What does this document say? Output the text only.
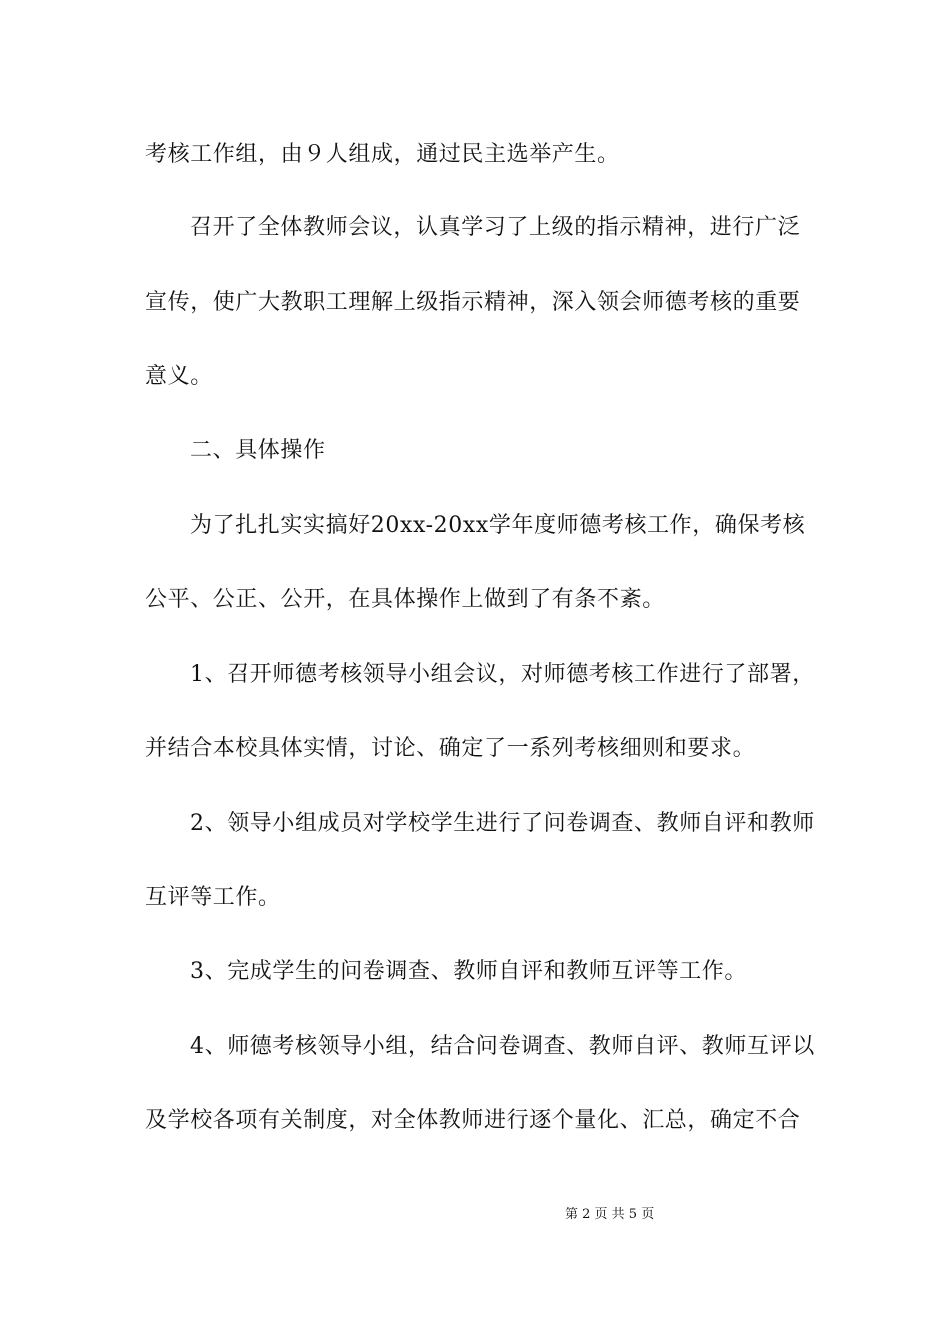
考核工作组，由９人组成，通过民主选举产生。
召开了全体教师会议，认真学习了上级的指示精神，进行广泛
宣传，使广大教职工理解上级指示精神，深入领会师德考核的重要
意义。
二、具体操作
为了扎扎实实搞好20xx-20xx学年度师德考核工作，确保考核
公平、公正、公开，在具体操作上做到了有条不紊。
1、召开师德考核领导小组会议，对师德考核工作进行了部署，
并结合本校具体实情，讨论、确定了一系列考核细则和要求。
2、领导小组成员对学校学生进行了问卷调查、教师自评和教师
互评等工作。
3、完成学生的问卷调查、教师自评和教师互评等工作。
4、师德考核领导小组，结合问卷调查、教师自评、教师互评以
及学校各项有关制度，对全体教师进行逐个量化、汇总，确定不合

第 2 页 共 5 页
